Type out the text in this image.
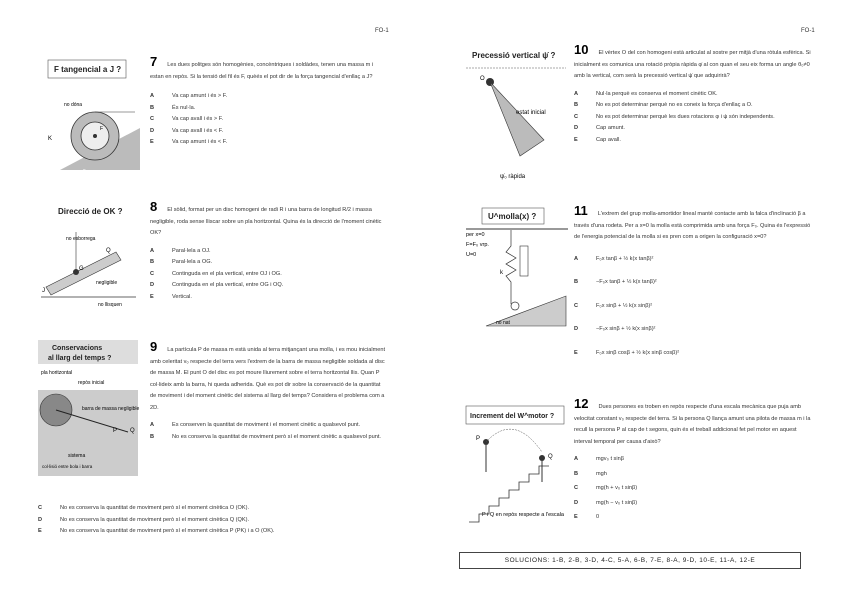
FO-1
F tangencial a J ?
no dóna
no llisca
K
F
7 Les dues politges són homogènies, concèntriques i soldàdes, tenen una massa m i estan en repòs. Si la tensió del fil és F, quèés el pot dir de la força tangencial d'enllaç a J?
A	Va cap amunt i és > F.
B	És nul·la.
C	Va cap avall i és > F.
D	Va cap avall i és < F.
E	Va cap amunt i és < F.
Direcció de OK ?
no esborrega
negligible
no llisquen
J
G
Q
8 El sòlid, format per un disc homogeni de radi R i una barra de longitud R/2 i massa negligible, roda sense lliscar sobre un pla horitzontal. Quina és la direcció de l'moment cinètic OK?
A	Paral·lela a OJ.
B	Paral·lela a OG.
C	Continguda en el pla vertical, entre OJ i OG.
D	Continguda en el pla vertical, entre OG i OQ.
E	Vertical.
Conservacions
al llarg del temps ?
pla horitzontal
repòs inicial
barra de massa negligible
sistema
col·lisió entre bola i barra
P Q
9 La partícula P de massa m està unida al terra mitjançant una molla, i es mou inicialment amb celeritat v₀ respecte del terra vers l'extrem de la barra de massa negligible soldada al disc de massa M. El punt O del disc es pot moure lliurement sobre el terra horitzontal llis. Quan P col·lideix amb la barra, hi queda adherida. Què es pot dir sobre la conservació de la quantitat de moviment i del moment cinètic del sistema al llarg del temps? Considera el problema com a 2D.
A	Es conserven la quantitat de moviment i el moment cinètic a qualsevol punt.
B	No es conserva la quantitat de moviment però sí el moment cinètic a qualsevol punt.
C	No es conserva la quantitat de moviment però sí el moment cinètica O (OK).
D	No es conserva la quantitat de moviment però sí el moment cinètica Q (QK).
E	No es conserva la quantitat de moviment però sí el moment cinètica P (PK) i a O (OK).
FO-1
Precessió vertical ψ̇ ?
estat inicial
ψ̇₀ ràpida
O
10 El vèrtex O del con homogeni està articulat al sostre per mitjà d'una ròtula esfèrica. Si inicialment es comunica una rotació pròpia ràpida φ̇ al con quan el seu eix forma un angle θ₀≠0 amb la vertical, com serà la precessió vertical ψ̇ que adquirirà?
A	Nul·la perquè es conserva el moment cinètic OK.
B	No es pot determinar perquè no es coneix la força d'enllaç a O.
C	No es pot determinar perquè les dues rotacions φ i ψ són independents.
D	Cap amunt.
E	Cap avall.
U^molla(x) ?
per x=0
F=F₀ vrp.
U=0
no nat
k
11 L'extrem del grup molla-amortidor lineal manté contacte amb la falca d'inclinació β a través d'una rodeta. Per a x=0 la molla està comprimida amb una força F₀. Quina és l'expressió de l'energia potencial de la molla si es pren com a origen la configuració x=0?
A	F₀x tanβ + ½ k(x tanβ)²
B	−F₀x tanβ + ½ k(x tanβ)²
C	F₀x sinβ + ½ k(x sinβ)²
D	−F₀x sinβ + ½ k(x sinβ)²
E	F₀x sinβ cosβ + ½ k(x sinβ cosβ)²
Increment del W^motor ?
P
Q
P i Q en repòs respecte a l'escala
12 Dues persones es troben en repòs respecte d'una escala mecànica que puja amb velocitat constant v₀ respecte del terra. Si la persona Q llança amunt una pilota de massa m i la recull la persona P al cap de t segons, quin és el treball addicional fet pel motor en aquest interval temporal per causa d'això?
A	mgv₀ t sinβ
B	mgh
C	mg(h + v₀ t sinβ)
D	mg(h − v₀ t sinβ)
E	0
SOLUCIONS: 1-B, 2-B, 3-D, 4-C, 5-A, 6-B, 7-E, 8-A, 9-D, 10-E, 11-A, 12-E
